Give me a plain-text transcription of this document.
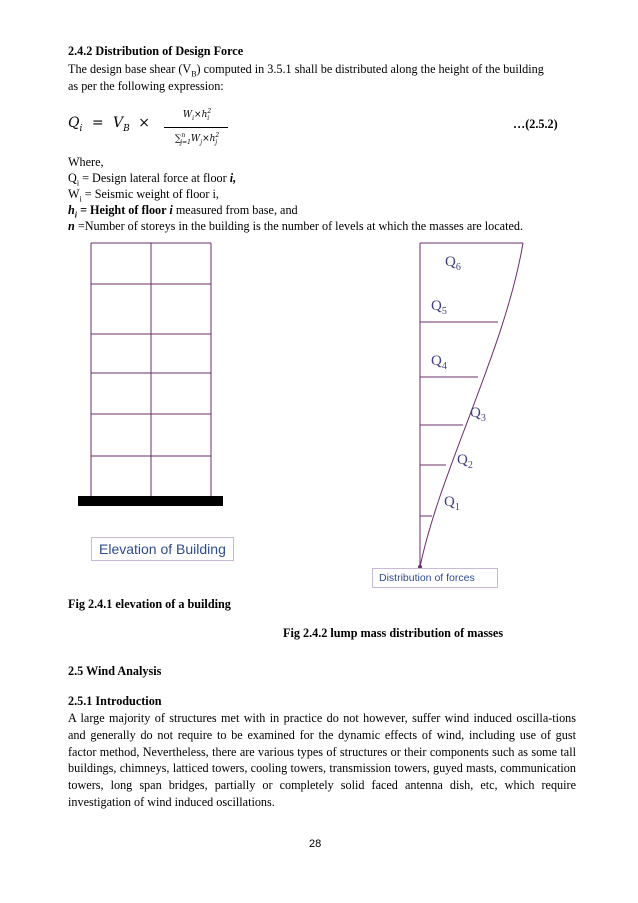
2.4.2 Distribution of Design Force
The design base shear $(V_B)$ computed in 3.5.1 shall be distributed along the height of the building
as per the following expression:
$Q_i = V_B$ ×	$W_i\times h^2_i$
$\sum^n_{j=1}W_j\times h^2_j$
…(2.5.2)
Where,
$Q_i$ = Design lateral force at floor i,
$W_i$ = Seismic weight of floor i,
$h_i$ = Height of floor i measured from base, and
n =Number of storeys in the building is the number of levels at which the masses are located.
$Q_6$
$Q_5$
$Q_4$
$Q_3$
$Q_2$
$Q_1$
Elevation of Building
Distribution of forces
Fig 2.4.1 elevation of a building
Fig 2.4.2 lump mass distribution of masses
2.5 Wind Analysis
2.5.1 Introduction
A large majority of structures met with in practice do not however, suffer wind induced oscilla-tions and generally do not require to be examined for the dynamic effects of wind, including use of gust factor method, Nevertheless, there are various types of structures or their components such as some tall buildings, chimneys, latticed towers, cooling towers, transmission towers, guyed masts, communication towers, long span bridges, partially or completely solid faced antenna dish, etc, which require investigation of wind induced oscillations.
28
